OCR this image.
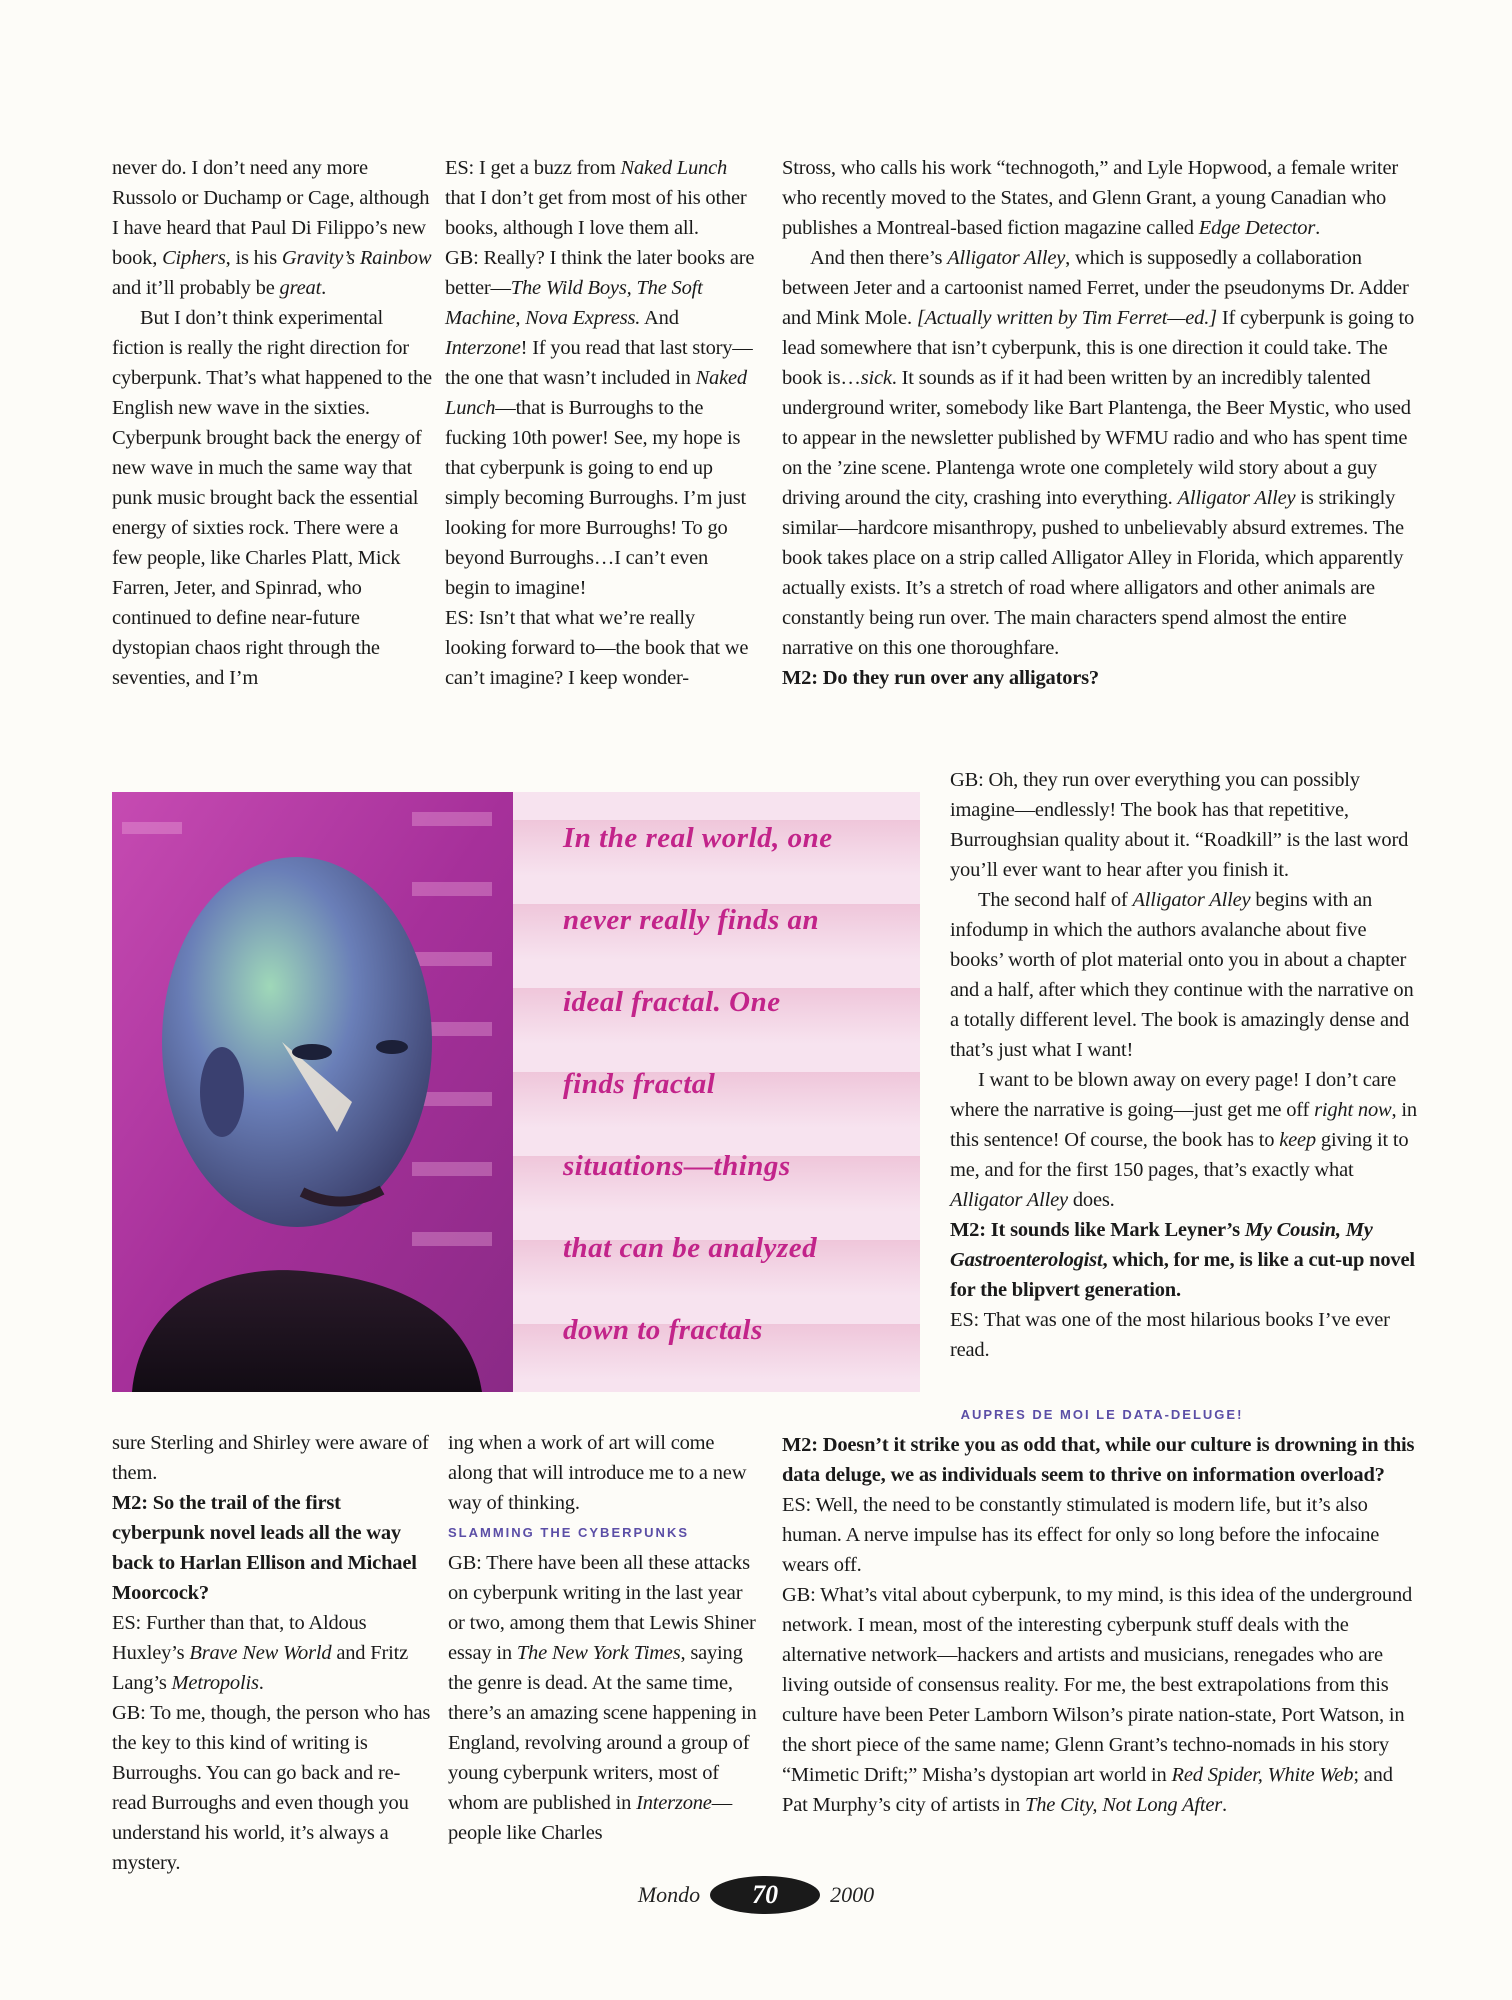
never do. I don’t need any more Russolo or Duchamp or Cage, although I have heard that Paul Di Filippo’s new book, Ciphers, is his Gravity’s Rainbow and it’ll probably be great.

But I don’t think experimental fiction is really the right direction for cyberpunk. That’s what happened to the English new wave in the sixties. Cyberpunk brought back the energy of new wave in much the same way that punk music brought back the essential energy of sixties rock. There were a few people, like Charles Platt, Mick Farren, Jeter, and Spinrad, who continued to define near-future dystopian chaos right through the seventies, and I’m

ES: I get a buzz from Naked Lunch that I don’t get from most of his other books, although I love them all.

GB: Really? I think the later books are better—The Wild Boys, The Soft Machine, Nova Express. And Interzone! If you read that last story—the one that wasn’t included in Naked Lunch—that is Burroughs to the fucking 10th power! See, my hope is that cyberpunk is going to end up simply becoming Burroughs. I’m just looking for more Burroughs! To go beyond Burroughs…I can’t even begin to imagine!

ES: Isn’t that what we’re really looking forward to—the book that we can’t imagine? I keep wonder-

Stross, who calls his work “technogoth,” and Lyle Hopwood, a female writer who recently moved to the States, and Glenn Grant, a young Canadian who publishes a Montreal-based fiction magazine called Edge Detector.

And then there’s Alligator Alley, which is supposedly a collaboration between Jeter and a cartoonist named Ferret, under the pseudonyms Dr. Adder and Mink Mole. [Actually written by Tim Ferret—ed.] If cyberpunk is going to lead somewhere that isn’t cyberpunk, this is one direction it could take. The book is…sick. It sounds as if it had been written by an incredibly talented underground writer, somebody like Bart Plantenga, the Beer Mystic, who used to appear in the newsletter published by WFMU radio and who has spent time on the ’zine scene. Plantenga wrote one completely wild story about a guy driving around the city, crashing into everything. Alligator Alley is strikingly similar—hardcore misanthropy, pushed to unbelievably absurd extremes. The book takes place on a strip called Alligator Alley in Florida, which apparently actually exists. It’s a stretch of road where alligators and other animals are constantly being run over. The main characters spend almost the entire narrative on this one thoroughfare.

M2: Do they run over any alligators?

GB: Oh, they run over everything you can possibly imagine—endlessly! The book has that repetitive, Burroughsian quality about it. “Roadkill” is the last word you’ll ever want to hear after you finish it.

The second half of Alligator Alley begins with an infodump in which the authors avalanche about five books’ worth of plot material onto you in about a chapter and a half, after which they continue with the narrative on a totally different level. The book is amazingly dense and that’s just what I want!

I want to be blown away on every page! I don’t care where the narrative is going—just get me off right now, in this sentence! Of course, the book has to keep giving it to me, and for the first 150 pages, that’s exactly what Alligator Alley does.

M2: It sounds like Mark Leyner’s My Cousin, My Gastroenterologist, which, for me, is like a cut-up novel for the blipvert generation.

ES: That was one of the most hilarious books I’ve ever read.

In the real world, one
never really finds an
ideal fractal. One
finds fractal
situations—things
that can be analyzed
down to fractals

sure Sterling and Shirley were aware of them.

M2: So the trail of the first cyberpunk novel leads all the way back to Harlan Ellison and Michael Moorcock?

ES: Further than that, to Aldous Huxley’s Brave New World and Fritz Lang’s Metropolis.

GB: To me, though, the person who has the key to this kind of writing is Burroughs. You can go back and re-read Burroughs and even though you understand his world, it’s always a mystery.

ing when a work of art will come along that will introduce me to a new way of thinking.

SLAMMING THE CYBERPUNKS

GB: There have been all these attacks on cyberpunk writing in the last year or two, among them that Lewis Shiner essay in The New York Times, saying the genre is dead. At the same time, there’s an amazing scene happening in England, revolving around a group of young cyberpunk writers, most of whom are published in Interzone—people like Charles

AUPRES DE MOI LE DATA-DELUGE!

M2: Doesn’t it strike you as odd that, while our culture is drowning in this data deluge, we as individuals seem to thrive on information overload?

ES: Well, the need to be constantly stimulated is modern life, but it’s also human. A nerve impulse has its effect for only so long before the infocaine wears off.

GB: What’s vital about cyberpunk, to my mind, is this idea of the underground network. I mean, most of the interesting cyberpunk stuff deals with the alternative network—hackers and artists and musicians, renegades who are living outside of consensus reality. For me, the best extrapolations from this culture have been Peter Lamborn Wilson’s pirate nation-state, Port Watson, in the short piece of the same name; Glenn Grant’s techno-nomads in his story “Mimetic Drift;” Misha’s dystopian art world in Red Spider, White Web; and Pat Murphy’s city of artists in The City, Not Long After.

Mondo 70 2000
